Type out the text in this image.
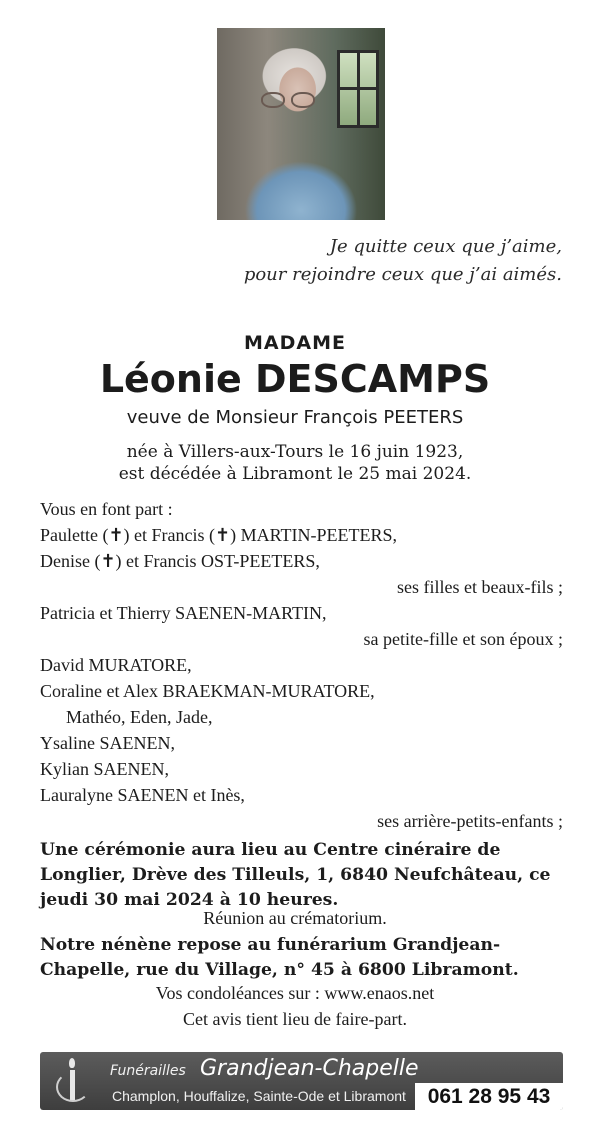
Je quitte ceux que j’aime,
pour rejoindre ceux que j’ai aimés.
MADAME
Léonie DESCAMPS
veuve de Monsieur François PEETERS
née à Villers-aux-Tours le 16 juin 1923,
est décédée à Libramont le 25 mai 2024.
Vous en font part :
Paulette (✝) et Francis (✝) MARTIN-PEETERS,
Denise (✝) et Francis OST-PEETERS,
ses filles et beaux-fils ;
Patricia et Thierry SAENEN-MARTIN,
sa petite-fille et son époux ;
David MURATORE,
Coraline et Alex BRAEKMAN-MURATORE,
Mathéo, Eden, Jade,
Ysaline SAENEN,
Kylian SAENEN,
Lauralyne SAENEN et Inès,
ses arrière-petits-enfants ;
Une cérémonie aura lieu au Centre cinéraire de Longlier, Drève des Tilleuls, 1, 6840 Neufchâteau, ce jeudi 30 mai 2024 à 10 heures.
Réunion au crématorium.
Notre nénène repose au funérarium Grandjean-Chapelle, rue du Village, n° 45 à 6800 Libramont.
Vos condoléances sur : www.enaos.net
Cet avis tient lieu de faire-part.
Funérailles Grandjean-Chapelle
Champlon, Houffalize, Sainte-Ode et Libramont	061 28 95 43
